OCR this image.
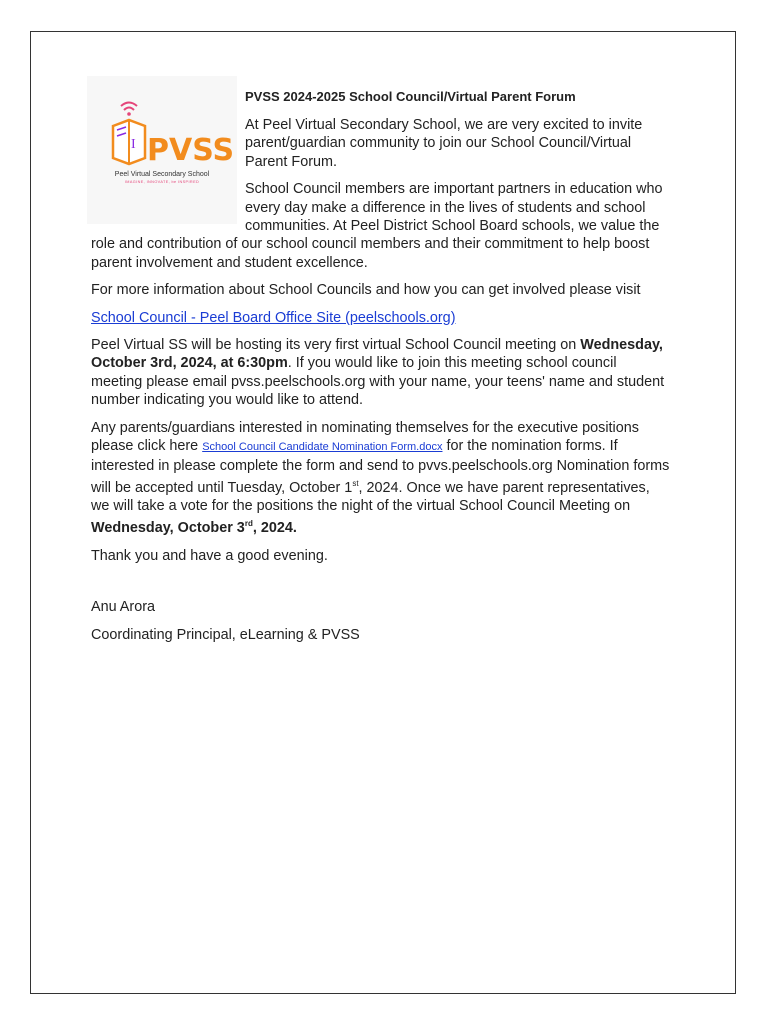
I PVSS
Peel Virtual Secondary School
IMAGINE, INNOVATE, be INSPIRED
PVSS 2024-2025 School Council/Virtual Parent Forum

At Peel Virtual Secondary School, we are very excited to invite parent/guardian community to join our School Council/Virtual Parent Forum.

School Council members are important partners in education who every day make a difference in the lives of students and school communities. At Peel District School Board schools, we value the role and contribution of our school council members and their commitment to help boost parent involvement and student excellence.

For more information about School Councils and how you can get involved please visit

School Council - Peel Board Office Site (peelschools.org)

Peel Virtual SS will be hosting its very first virtual School Council meeting on Wednesday, October 3rd, 2024, at 6:30pm. If you would like to join this meeting school council meeting please email pvss.peelschools.org with your name, your teens' name and student number indicating you would like to attend.

Any parents/guardians interested in nominating themselves for the executive positions please click here School Council Candidate Nomination Form.docx for the nomination forms. If interested in please complete the form and send to pvvs.peelschools.org Nomination forms will be accepted until Tuesday, October 1st, 2024. Once we have parent representatives, we will take a vote for the positions the night of the virtual School Council Meeting on Wednesday, October 3rd, 2024.

Thank you and have a good evening.

Anu Arora

Coordinating Principal, eLearning & PVSS
